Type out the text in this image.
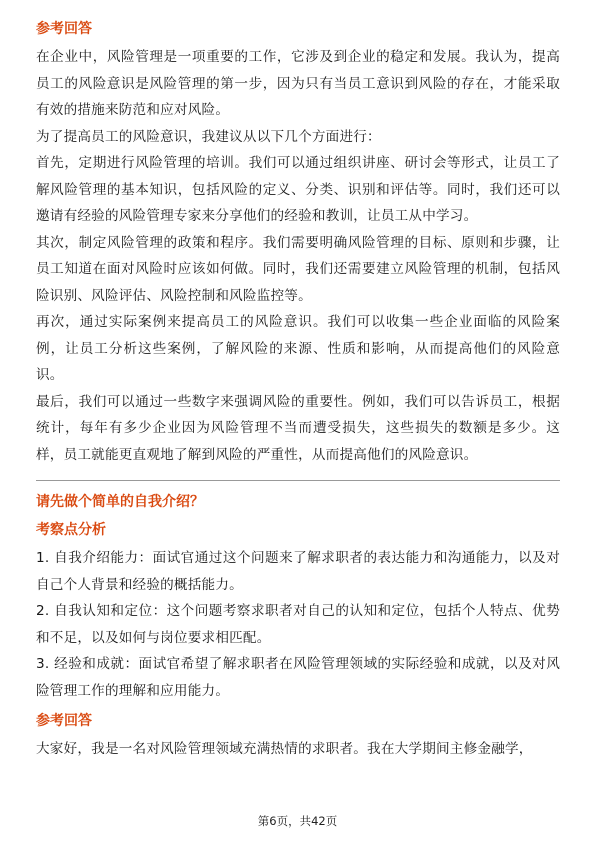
参考回答

在企业中，风险管理是一项重要的工作，它涉及到企业的稳定和发展。我认为，提高员工的风险意识是风险管理的第一步，因为只有当员工意识到风险的存在，才能采取有效的措施来防范和应对风险。

为了提高员工的风险意识，我建议从以下几个方面进行：

首先，定期进行风险管理的培训。我们可以通过组织讲座、研讨会等形式，让员工了解风险管理的基本知识，包括风险的定义、分类、识别和评估等。同时，我们还可以邀请有经验的风险管理专家来分享他们的经验和教训，让员工从中学习。

其次，制定风险管理的政策和程序。我们需要明确风险管理的目标、原则和步骤，让员工知道在面对风险时应该如何做。同时，我们还需要建立风险管理的机制，包括风险识别、风险评估、风险控制和风险监控等。

再次，通过实际案例来提高员工的风险意识。我们可以收集一些企业面临的风险案例，让员工分析这些案例，了解风险的来源、性质和影响，从而提高他们的风险意识。

最后，我们可以通过一些数字来强调风险的重要性。例如，我们可以告诉员工，根据统计，每年有多少企业因为风险管理不当而遭受损失，这些损失的数额是多少。这样，员工就能更直观地了解到风险的严重性，从而提高他们的风险意识。

请先做个简单的自我介绍？

考察点分析

1. 自我介绍能力：面试官通过这个问题来了解求职者的表达能力和沟通能力，以及对自己个人背景和经验的概括能力。

2. 自我认知和定位：这个问题考察求职者对自己的认知和定位，包括个人特点、优势和不足，以及如何与岗位要求相匹配。

3. 经验和成就：面试官希望了解求职者在风险管理领域的实际经验和成就，以及对风险管理工作的理解和应用能力。

参考回答

大家好，我是一名对风险管理领域充满热情的求职者。我在大学期间主修金融学，

第6页，共42页
